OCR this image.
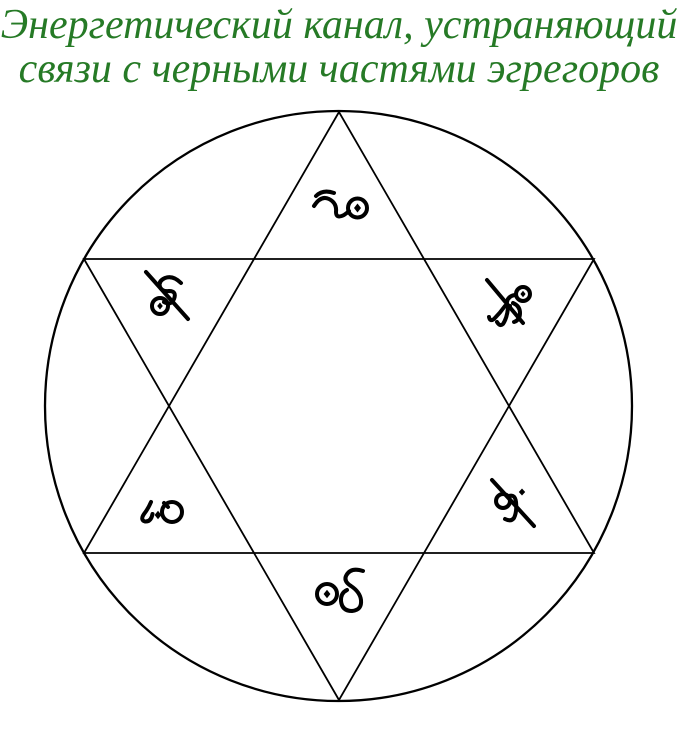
Энергетический канал, устраняющий
связи с черными частями эгрегоров
